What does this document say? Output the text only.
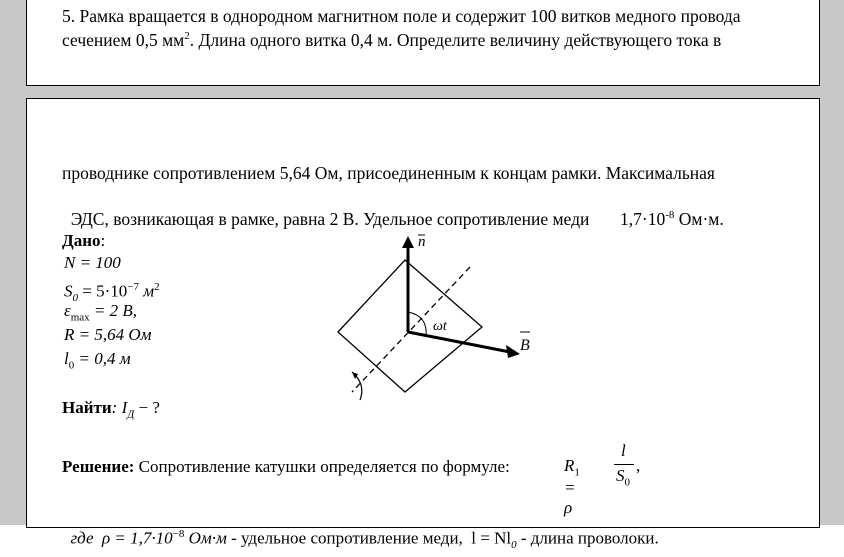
5. Рамка вращается в однородном магнитном поле и содержит 100 витков медного провода
сечением 0,5 $мм^2$. Длина одного витка 0,4 м. Определите величину действующего тока в
проводнике сопротивлением 5,64 Ом, присоединенным к концам рамки. Максимальная

ЭДС, возникающая в рамке, равна 2 В. Удельное сопротивление меди       $1,7\cdot 10^{-8}$ Ом·м.

Дано:
N = 100
$S_0 = 5\cdot 10^{-7}$ $м^2$
$\varepsilon_{max} = 2$ В,
R = 5,64 Ом
$l_0 = 0,4$ м
Найти: $I_Д$ − ?
Решение: Сопротивление катушки определяется по формуле:	$R_1 = \rho$
l
$S_0$
,

где  $\rho = 1,7\cdot 10^{-8}$ Ом·м - удельное сопротивление меди,  $l = Nl_0$ - длина проволоки.

n
ωt
B
